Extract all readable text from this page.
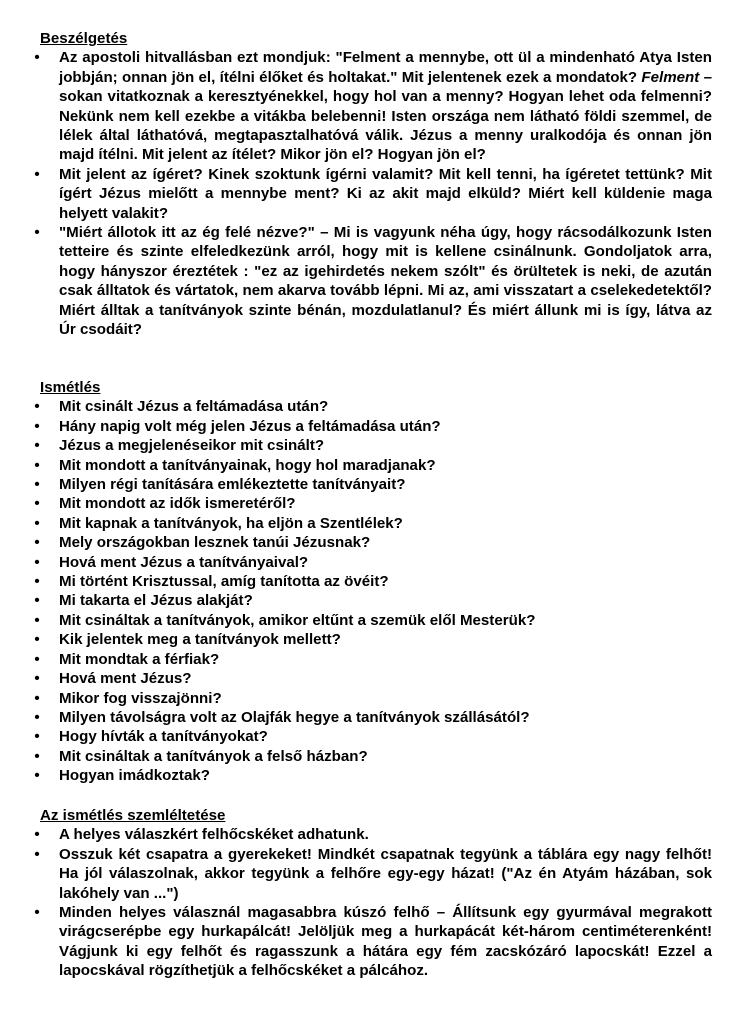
Beszélgetés
• Az apostoli hitvallásban ezt mondjuk: "Felment a mennybe, ott ül a mindenható Atya Isten jobbján; onnan jön el, ítélni élőket és holtakat." Mit jelentenek ezek a mondatok? Felment – sokan vitatkoznak a keresztyénekkel, hogy hol van a menny? Hogyan lehet oda felmenni? Nekünk nem kell ezekbe a vitákba belebenni! Isten országa nem látható földi szemmel, de lélek által láthatóvá, megtapasztalhatóvá válik. Jézus a menny uralkodója és onnan jön majd ítélni. Mit jelent az ítélet? Mikor jön el? Hogyan jön el?
• Mit jelent az ígéret? Kinek szoktunk ígérni valamit? Mit kell tenni, ha ígéretet tettünk? Mit ígért Jézus mielőtt a mennybe ment? Ki az akit majd elküld? Miért kell küldenie maga helyett valakit?
• "Miért állotok itt az ég felé nézve?" – Mi is vagyunk néha úgy, hogy rácsodálkozunk Isten tetteire és szinte elfeledkezünk arról, hogy mit is kellene csinálnunk. Gondoljatok arra, hogy hányszor éreztétek : "ez az igehirdetés nekem szólt" és örültetek is neki, de azután csak álltatok és vártatok, nem akarva tovább lépni. Mi az, ami visszatart a cselekedetektől? Miért álltak a tanítványok szinte bénán, mozdulatlanul? És miért állunk mi is így, látva az Úr csodáit?
Ismétlés
• Mit csinált Jézus a feltámadása után?
• Hány napig volt még jelen Jézus a feltámadása után?
• Jézus a megjelenéseikor mit csinált?
• Mit mondott a tanítványainak, hogy hol maradjanak?
• Milyen régi tanítására emlékeztette tanítványait?
• Mit mondott az idők ismeretéről?
• Mit kapnak a tanítványok, ha eljön a Szentlélek?
• Mely országokban lesznek tanúi Jézusnak?
• Hová ment Jézus a tanítványaival?
• Mi történt Krisztussal, amíg tanította az övéit?
• Mi takarta el Jézus alakját?
• Mit csináltak a tanítványok, amikor eltűnt a szemük elől Mesterük?
• Kik jelentek meg a tanítványok mellett?
• Mit mondtak a férfiak?
• Hová ment Jézus?
• Mikor fog visszajönni?
• Milyen távolságra volt az Olajfák hegye a tanítványok szállásától?
• Hogy hívták a tanítványokat?
• Mit csináltak a tanítványok a felső házban?
• Hogyan imádkoztak?
Az ismétlés szemléltetése
• A helyes válaszkért felhőcskéket adhatunk.
• Osszuk két csapatra a gyerekeket! Mindkét csapatnak tegyünk a táblára egy nagy felhőt! Ha jól válaszolnak, akkor tegyünk a felhőre egy-egy házat! ("Az én Atyám házában, sok lakóhely van ...")
• Minden helyes válasznál magasabbra kúszó felhő – Állítsunk egy gyurmával megrakott virágcserépbe egy hurkapálcát! Jelöljük meg a hurkapácát két-három centiméterenként! Vágjunk ki egy felhőt és ragasszunk a hátára egy fém zacskózáró lapocskát! Ezzel a lapocskával rögzíthetjük a felhőcskéket a pálcához.
